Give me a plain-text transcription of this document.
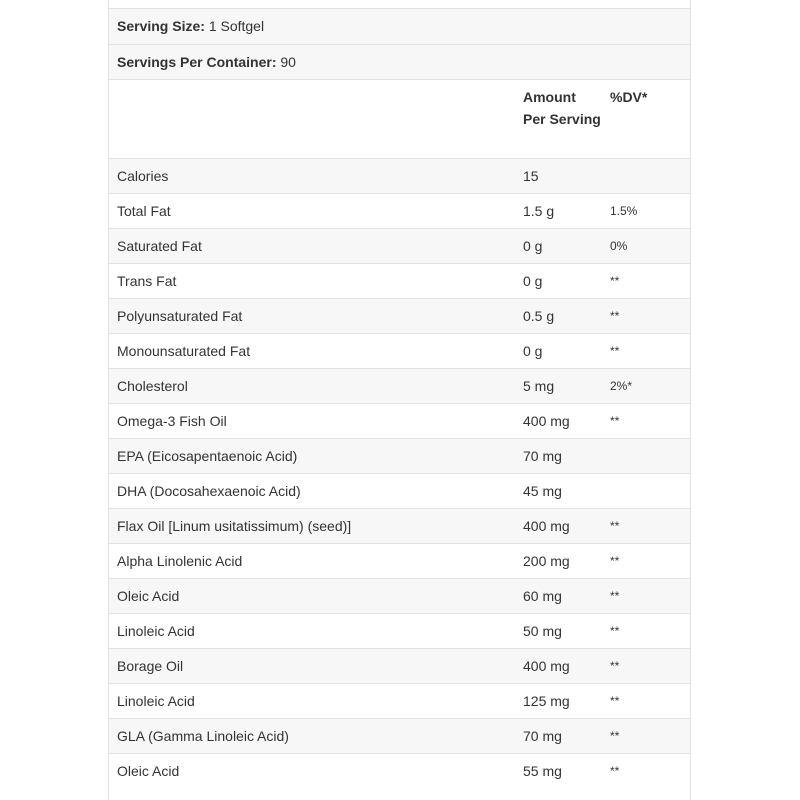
Serving Size: 1 Softgel
Servings Per Container: 90
	Amount Per Serving	%DV*
Calories	15	
Total Fat	1.5 g	1.5%
Saturated Fat	0 g	0%
Trans Fat	0 g	**
Polyunsaturated Fat	0.5 g	**
Monounsaturated Fat	0 g	**
Cholesterol	5 mg	2%*
Omega-3 Fish Oil	400 mg	**
EPA (Eicosapentaenoic Acid)	70 mg	
DHA (Docosahexaenoic Acid)	45 mg	
Flax Oil [Linum usitatissimum) (seed)]	400 mg	**
Alpha Linolenic Acid	200 mg	**
Oleic Acid	60 mg	**
Linoleic Acid	50 mg	**
Borage Oil	400 mg	**
Linoleic Acid	125 mg	**
GLA (Gamma Linoleic Acid)	70 mg	**
Oleic Acid	55 mg	**
